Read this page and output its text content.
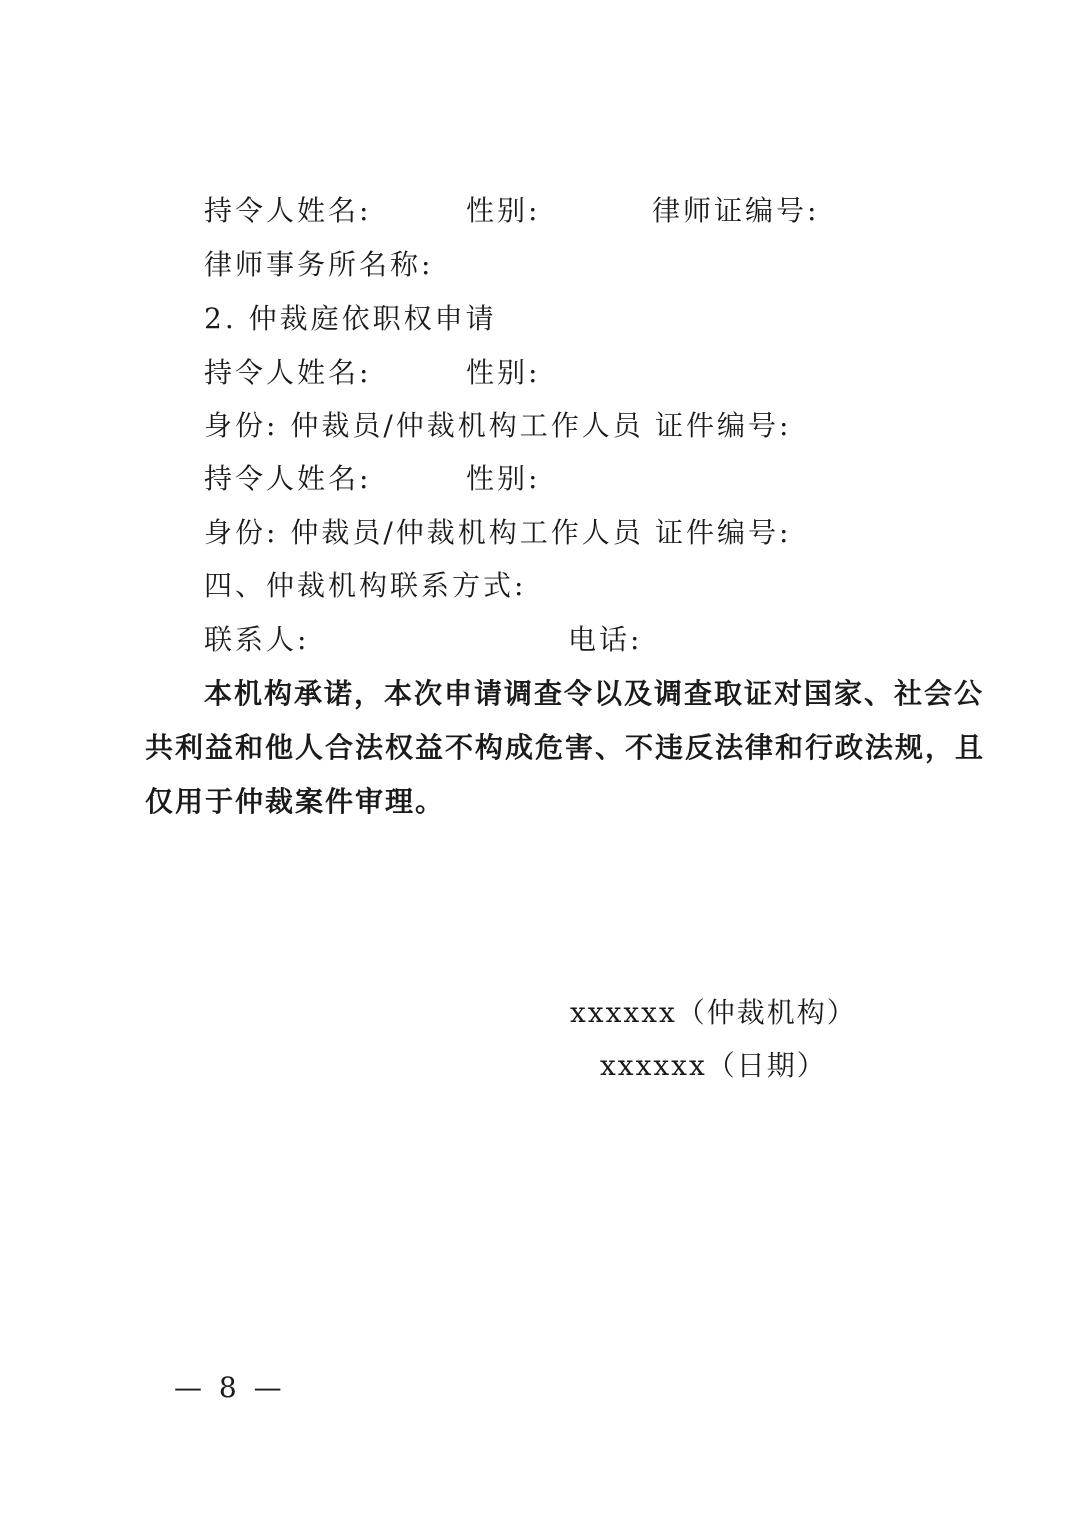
持令人姓名:	性别:	律师证编号:
律师事务所名称:
2. 仲裁庭依职权申请
持令人姓名:	性别:
身份: 仲裁员/仲裁机构工作人员 证件编号:
持令人姓名:	性别:
身份: 仲裁员/仲裁机构工作人员 证件编号:
四、仲裁机构联系方式:
联系人:	电话:
本机构承诺，本次申请调查令以及调查取证对国家、社会公
共利益和他人合法权益不构成危害、不违反法律和行政法规，且
仅用于仲裁案件审理。
xxxxxx（仲裁机构）
xxxxxx（日期）
— 8 —
